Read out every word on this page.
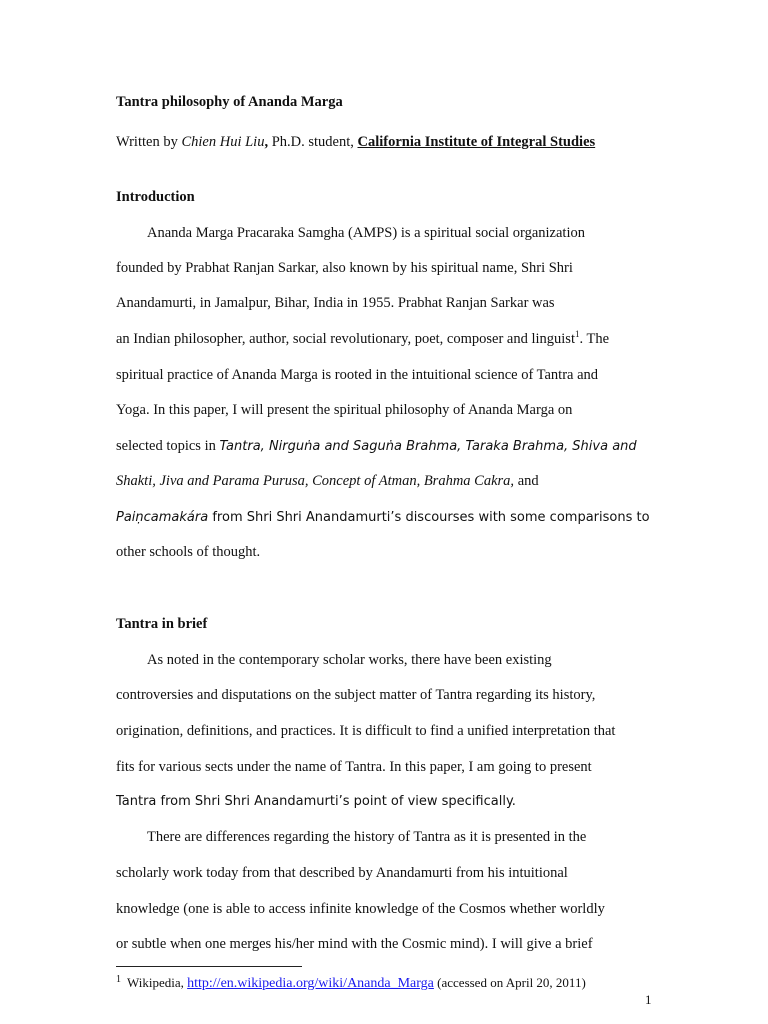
Tantra philosophy of Ananda Marga
Written by Chien Hui Liu, Ph.D. student, California Institute of Integral Studies
Introduction
Ananda Marga Pracaraka Samgha (AMPS) is a spiritual social organization
founded by Prabhat Ranjan Sarkar, also known by his spiritual name, Shri Shri
Anandamurti, in Jamalpur, Bihar, India in 1955. Prabhat Ranjan Sarkar was
an Indian philosopher, author, social revolutionary, poet, composer and linguist$^1$. The
spiritual practice of Ananda Marga is rooted in the intuitional science of Tantra and
Yoga. In this paper, I will present the spiritual philosophy of Ananda Marga on
selected topics in Tantra, Nirguṅa and Saguṅa Brahma, Taraka Brahma, Shiva and
Shakti, Jiva and Parama Purusa, Concept of Atman, Brahma Cakra, and
Paiṇcamakára from Shri Shri Anandamurti’s discourses with some comparisons to
other schools of thought.
Tantra in brief
As noted in the contemporary scholar works, there have been existing
controversies and disputations on the subject matter of Tantra regarding its history,
origination, definitions, and practices. It is difficult to find a unified interpretation that
fits for various sects under the name of Tantra. In this paper, I am going to present
Tantra from Shri Shri Anandamurti’s point of view specifically.
There are differences regarding the history of Tantra as it is presented in the
scholarly work today from that described by Anandamurti from his intuitional
knowledge (one is able to access infinite knowledge of the Cosmos whether worldly
or subtle when one merges his/her mind with the Cosmic mind). I will give a brief
$^1$ Wikipedia, http://en.wikipedia.org/wiki/Ananda_Marga (accessed on April 20, 2011)
1
